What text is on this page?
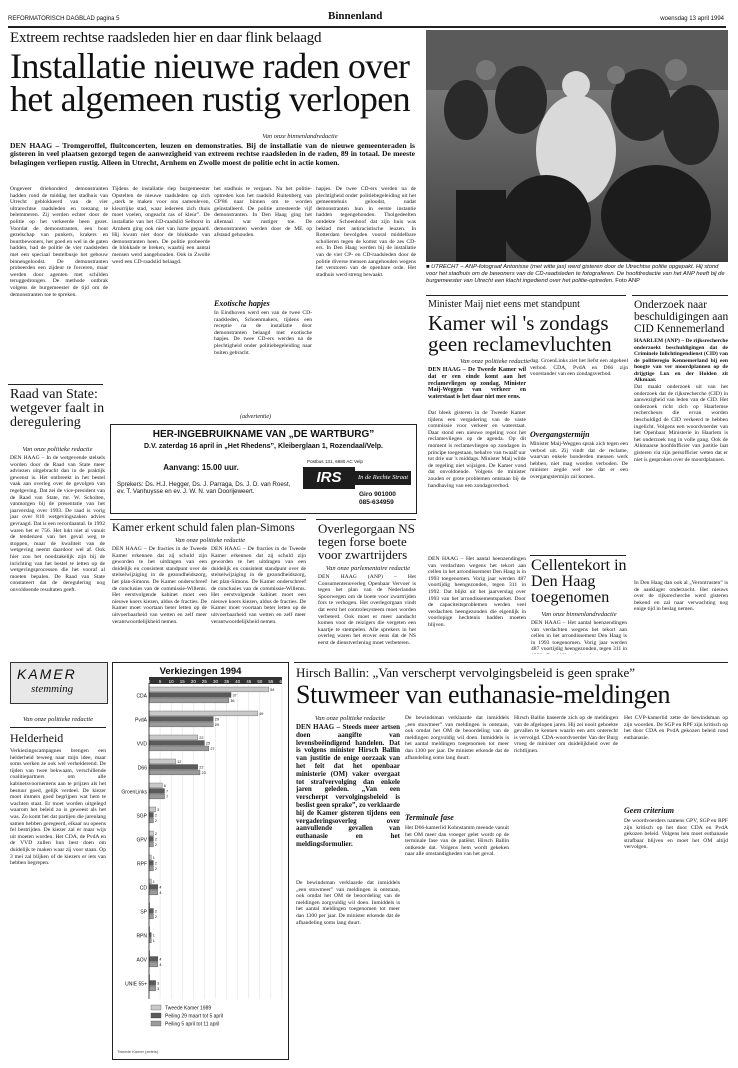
REFORMATORISCH DAGBLAD pagina 5	Binnenland	woensdag 13 april 1994
Extreem rechtse raadsleden hier en daar flink belaagd
Installatie nieuwe raden over het algemeen rustig verlopen
Van onze binnenlandredactie

DEN HAAG – Tromgeroffel, fluitconcerten, leuzen en demonstraties. Bij de installatie van de nieuwe gemeenteraden is gisteren in veel plaatsen gezorgd tegen de aanwezigheid van extreem rechtse raadsleden in de raden, 89 in totaal. De meeste belagingen verliepen rustig. Alleen in Utrecht, Arnhem en Zwolle moest de politie echt in actie komen.

Ongeveer driehonderd demonstranten hadden rond de middag het stadhuis van Utrecht geblokkeerd van de vier ultrarechtse raadsleden en toezang te belemmeren. Zij werden echter door de politie op het verkeerde been gezet. Voordat de demonstranten, een bont gezelschap van punkers, krakers en buurtbewoners, het goed en wel in de gaten hadden, had de politie de vier raadsleden met een speciaal bestelbusje het gebouw binnengeloodst. De demonstranten probeerden een zijdeur te forceren, maar werden door agenten met schilden teruggedrongen. De methode ontbrak volgens de burgemeester de tijd om de demonstranten toe te spreken.

Tijdens de installatie riep burgemeester Opstelten de nieuwe raadsleden op zich „sterk te maken voor ons samenleven, kleurrijke stad, waar iedereen zich thuis moet voelen, ongeacht ras of kleur”. De installatie van het CD-raadslid Selhorst in Arnhem ging ook niet van harte gepaard. Hij kwam niet door de blokkade van demonstranten heen. De politie probeerde de blokkade te breken, waarbij een aantal mensen werd aangehouden. Ook in Zwolle werd een CD-raadslid belaagd.

het stadhuis te vergaan. Na het politie-optreden kon het raadslid Ruitenberg van CP'86 naar binnen om te worden geïnstalleerd. De politie arresteerde vijf demonstranten. In Den Haag ging het allemaal wat rustiger toe. De demonstranten werden door de ME op afstand gehouden.

Exotische hapjes

In Eindhoven werd een van de twee CD-raadsleden, Schoenmakers, tijdens een receptie na de installatie door demonstranten belaagd met exotische hapjes. De twee CD-ers werden na de plechtigheid onder politiebegeleiding naar buiten gebracht.

hapjes. De twee CD-ers werden na de plechtigheid onder politiebegeleiding uit het gemeentehuis geloodst, nadat demonstranten hun in eerste instantie hadden tegengehouden. Tholgedeelten ontdekte Schoenhoof dat zijn huis was beklad met antiracistische leuzen. In Rotterdam bevolgden vooral middelbare scholieren tegen de komst van de zes CD-ers. In Den Haag werden bij de installatie van de vier CP- en CD-raadsleden door de politie diverse mensen aangehouden wegens het verstoren van de openbare orde. Het stadhuis werd streng bewaakt.

■ UTRECHT – ANP-fotograaf Antonisse (met witte jas) werd gisteren door de Utrechtse politie opgepakt. Hij stond voor het stadhuis om de bewoners van de CD-raadsleden te fotograferen. De hoofdredactie van het ANP heeft bij de burgemeester van Utrecht een klacht ingediend over het politie-optreden. Foto ANP

Raad van State: wetgever faalt in deregulering
Van onze politieke redactie

DEN HAAG – In de wetgevende stelsels worden door de Raad van State meer adviezen uitgebracht dan in de praktijk gewenst is. Het ontbreekt in het bestel vaak aan overleg over de gevolgen van regelgeving. Dat zei de vice-president van de Raad van State, mr. W. Scholten, vanmorgen bij de presentatie van het jaarverslag over 1993. De raad is vorig jaar over 810 wetgevingszaken advies gevraagd. Dat is een recordaantal. In 1992 waren het er 756. Het lukt niet al vanuit de tendenzen van het geval weg te stoppen, maar de kwaliteit van de wetgeving neemt daardoor wel af. Ook hier zou het noodzakelijk zijn bij de inrichting van het bestel te letten op de wetgevingsprocessen die het vooraf al moeten bepalen. De Raad van State constateert dat de deregulering nog onvoldoende resultaten geeft.

(advertentie)
HER-INGEBRUIKNAME VAN „DE WARTBURG”
D.V. zaterdag 16 april in „Het Rhedens”, Kleiberglaan 1, Rozendaal/Velp.
Aanvang: 15.00 uur.
Sprekers: Ds. H.J. Hegger, Ds. J. Parraga, Ds. J. D. van Roest, ev. T. Vanhuysse en ev. J. W. N. van Doorijeweert.
Postbus 131, 6880 AC Velp
IRS	In de Rechte Straat
Giro 901000
085-634959
Kamer erkent schuld falen plan-Simons
Van onze politieke redactie

DEN HAAG – De fracties in de Tweede Kamer erkennen dat zij schuld zijn geworden te het uitdragen van een duidelijk en consistent standpunt over de stelselwijziging in de gezondheidszorg, het plan-Simons. De Kamer onderschreef de conclusies van de commissie-Willems. Het eerstvolgende kabinet moet een nieuwe koers kiezen, aldus de fracties. De Kamer moet voortaan beter letten op de uitvoerbaarheid van wetten en zelf meer verantwoordelijkheid nemen.

DEN HAAG – De fracties in de Tweede Kamer erkennen dat zij schuld zijn geworden te het uitdragen van een duidelijk en consistent standpunt over de stelselwijziging in de gezondheidszorg, het plan-Simons. De Kamer onderschreef de conclusies van de commissie-Willems. Het eerstvolgende kabinet moet een nieuwe koers kiezen, aldus de fracties. De Kamer moet voortaan beter letten op de uitvoerbaarheid van wetten en zelf meer verantwoordelijkheid nemen.

Overlegorgaan NS tegen forse boete voor zwartrijders
Van onze parlementaire redactie

DEN HAAG (ANP) – Het Consumentenoverleg Openbaar Vervoer is tegen het plan van de Nederlandse Spoorwegen om de boete voor zwartrijden fors te verhogen. Het overlegorgaan vindt dat eerst het controlesysteem moet worden verbeterd. Ook moet er meer aandacht komen voor de reizigers die vergeten een kaartje te stempelen. Alle sprekers in het overleg waren het erover eens dat de NS eerst de dienstverlening moet verbeteren.

Minister Maij niet eens met standpunt
Kamer wil 's zondags geen reclamevluchten
Van onze politieke redactie

DEN HAAG – De Tweede Kamer wil dat er een einde komt aan het reclamevliegen op zondag. Minister Maij-Weggen van verkeer en waterstaat is het daar niet mee eens.

Dat bleek gisteren in de Tweede Kamer tijdens een vergadering van de vaste commissie voor verkeer en waterstaat. Daar stond een nieuwe regeling voor het reclamevliegen op de agenda. Op dit moment is reclamevliegen op zondagen in principe toegestaan, behalve van twaalf uur tot drie uur 's middags. Minister Maij wilde de regeling niet wijzigen. De Kamer vond dat onvoldoende. Volgens de minister zouden er grote problemen ontstaan bij de handhaving van een zondagsverbod.

dag. GroenLinks ziet het liefst een algeheel verbod. CDA, PvdA en D66 zijn voorstander van een zondagsverbod.

Overgangstermijn

Minister Maij-Weggen sprak zich tegen een verbod uit. Zij vindt dat de reclame, waarvan enkele honderden mensen werk hebben, niet mag worden verboden. De minister zegde wel toe dat er een overgangstermijn zal komen.

Cellentekort in Den Haag toegenomen
Van onze binnenlandredactie

DEN HAAG – Het aantal heenzendingen van verdachten wegens het tekort aan cellen in het arrondissement Den Haag is in 1993 toegenomen. Vorig jaar werden 487 voortijdig heengezonden, tegen 311 in

DEN HAAG – Het aantal heenzendingen van verdachten wegens het tekort aan cellen in het arrondissement Den Haag is in 1993 toegenomen. Vorig jaar werden 487 voortijdig heengezonden, tegen 311 in 1992. Dat blijkt uit het jaarverslag over 1993 van het arrondissementsparket. Door de capaciteitsproblemen werden veel verdachten heengezonden die eigenlijk in voorlopige hechtenis hadden moeten blijven.

Onderzoek naar beschuldigingen aan CID Kennemerland

HAARLEM (ANP) – De rijksrecherche onderzoekt beschuldigingen dat de Criminele Inlichtingendienst (CID) van de politieregio Kennemerland bij een hoogte van ver moordplannen op de drijgtige Lux en der Holden zit Alkmaar.

Dat maakt onderzoek uit van het onderzoek dat de rijksrecherche (CID) in aanwezigheid van leden van de CID. Het onderzoek richt zich op Haarlemse rechercheurs die ervan worden beschuldigd de CID verkeerd te hebben ingelicht. Volgens een woordvoerder van het Openbaar Ministerie in Haarlem is het onderzoek nog in volle gang. Ook de Alkmaarse hoofdofficier van justitie laat gisteren via zijn persofficier weten dat er niet is gesproken over de moordplannen.

In Den Haag dan ook al „Verontrusten” is de aanklager onderzocht. Het nieuws over de rijksrecherche werd gisteren bekend en zal naar verwachting nog enige tijd in beslag nemen.

KAMER
stemming
Van onze politieke redactie
Helderheid

Verkiezingscampagnes brengen een helderheid teweeg naar mijn idee, maar soms werken ze ook wel verhelderend. De tijden van twee bekwaam, verschillende coalitiepartners om alle kabinetsvoornemens aan te prijzen als het bestuur goed, gelijk verdeel. De kiezer moet immers goed begrijpen wat hem te wachten staat. Er moet worden uitgelegd waarom het beleid zo is geweest als het was. Zo komt het dat partijen die jarenlang samen hebben geregeerd, elkaar nu opeens fel bestrijden. De kiezer zal er maar wijs uit moeten worden. Het CDA, de PvdA en de VVD zullen hun best doen om duidelijk te maken waar zij voor staan. Op 3 mei zal blijken of de kiezers er iets van hebben begrepen.

Verkiezingen 1994
0 5 10 15 20 25 30 35 40 45 50 55 60
CDA
54
37
36
PvdA
49
29
29
VVD
22
25
27
D66
12
22
23
GroenLinks
6
7
7
SGP
3
2
2
GPV
2
2
2
RPF
1
2
2
CD
1
4
4
SP 2
2
RPN 1
1
AOV	4
4
UNIE 55+	3
3
Tweede Kamer 1989
Peiling 29 maart tot 5 april
Peiling 5 april tot 11 april
Tweede Kamer (zetels)
Hirsch Ballin: „Van verscherpt vervolgingsbeleid is geen sprake”
Stuwmeer van euthanasie-meldingen
Van onze politieke redactie

DEN HAAG – Steeds meer artsen doen aangifte van levensbeëindigend handelen. Dat is volgens minister Hirsch Ballin van justitie de enige oorzaak van het feit dat het openbaar ministerie (OM) vaker overgaat tot strafvervolging dan enkele jaren geleden. „Van een verscherpt vervolgingsbeleid is beslist geen sprake”, zo verklaarde hij de Kamer gisteren tijdens een vergaderingsoverleg over aanvullende gevallen van euthanasie en het meldingsformulier.

De bewindsman verklaarde dat inmiddels „een stuwmeer” van meldingen is ontstaan, ook omdat het OM de beoordeling van de meldingen zorgvuldig wil doen. Inmiddels is het aantal meldingen toegenomen tot meer dan 1300 per jaar. De minister erkende dat de afhandeling soms lang duurt.

De bewindsman verklaarde dat inmiddels „een stuwmeer” van meldingen is ontstaan, ook omdat het OM de beoordeling van de meldingen zorgvuldig wil doen. Inmiddels is het aantal meldingen toegenomen tot meer dan 1300 per jaar. De minister erkende dat de afhandeling soms lang duurt.

Terminale fase

Het D66-kamerlid Kohnstamm meende vanuit het OM meer dan vroeger gelet wordt op de terminale fase van de patiënt. Hirsch Ballin ontkende dat. Volgens hem wordt gekeken naar alle omstandigheden van het geval.

Hirsch Ballin baseerde zich op de meldingen van de afgelopen jaren. Hij zei nooit geboekte gevallen te kennen waarin een arts onterecht is vervolgd. CDA-woordvoerder Van der Burg vroeg de minister om duidelijkheid over de richtlijnen.

Het CVP-kamerlid zette de bewindsman op zijn woorden. De SGP en RPF zijn kritisch op het door CDA en PvdA gekozen beleid rond euthanasie.

Geen criterium

De woordvoerders namens GPV, SGP en RPF zijn kritisch op het door CDA en PvdA gekozen beleid. Volgens hen moet euthanasie strafbaar blijven en moet het OM altijd vervolgen.
